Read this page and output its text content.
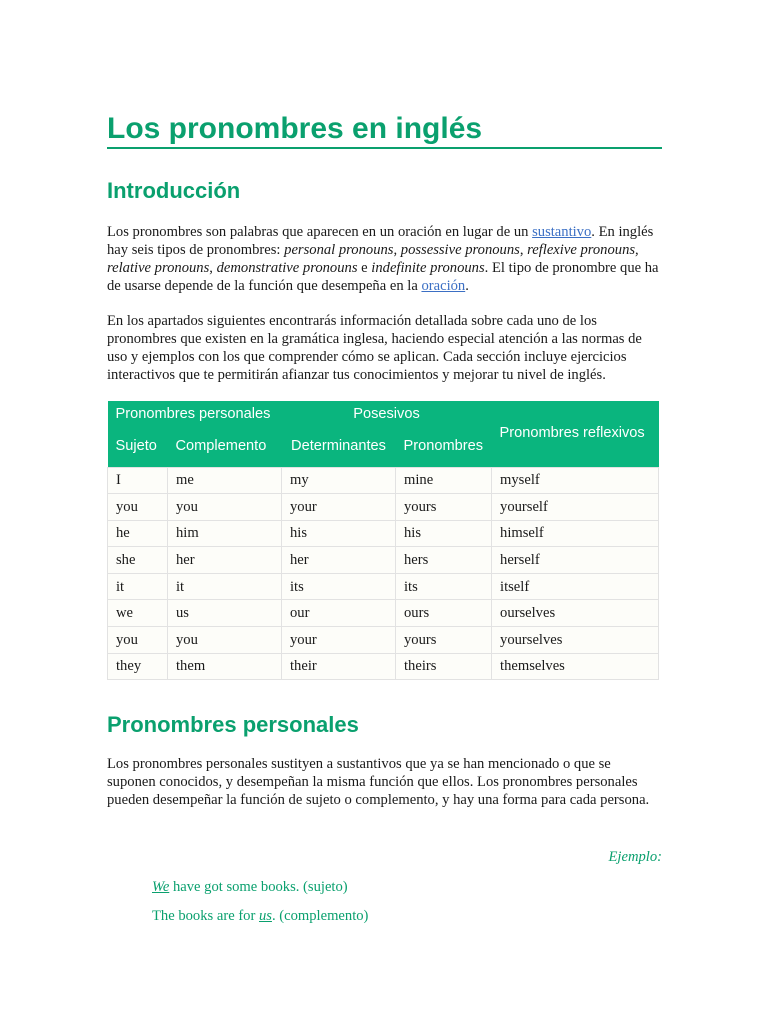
Los pronombres en inglés
Introducción

Los pronombres son palabras que aparecen en un oración en lugar de un sustantivo. En inglés hay seis tipos de pronombres: personal pronouns, possessive pronouns, reflexive pronouns, relative pronouns, demonstrative pronouns e indefinite pronouns. El tipo de pronombre que ha de usarse depende de la función que desempeña en la oración.

En los apartados siguientes encontrarás información detallada sobre cada uno de los pronombres que existen en la gramática inglesa, haciendo especial atención a las normas de uso y ejemplos con los que comprender cómo se aplican. Cada sección incluye ejercicios interactivos que te permitirán afianzar tus conocimientos y mejorar tu nivel de inglés.

Pronombres personales		Posesivos		Pronombres reflexivos
Sujeto	Complemento	Determinantes	Pronombres	
I	me	my	mine	myself
you	you	your	yours	yourself
he	him	his	his	himself
she	her	her	hers	herself
it	it	its	its	itself
we	us	our	ours	ourselves
you	you	your	yours	yourselves
they	them	their	theirs	themselves
Pronombres personales

Los pronombres personales sustityen a sustantivos que ya se han mencionado o que se suponen conocidos, y desempeñan la misma función que ellos. Los pronombres personales pueden desempeñar la función de sujeto o complemento, y hay una forma para cada persona.

Ejemplo:
We have got some books. (sujeto)
The books are for us. (complemento)
